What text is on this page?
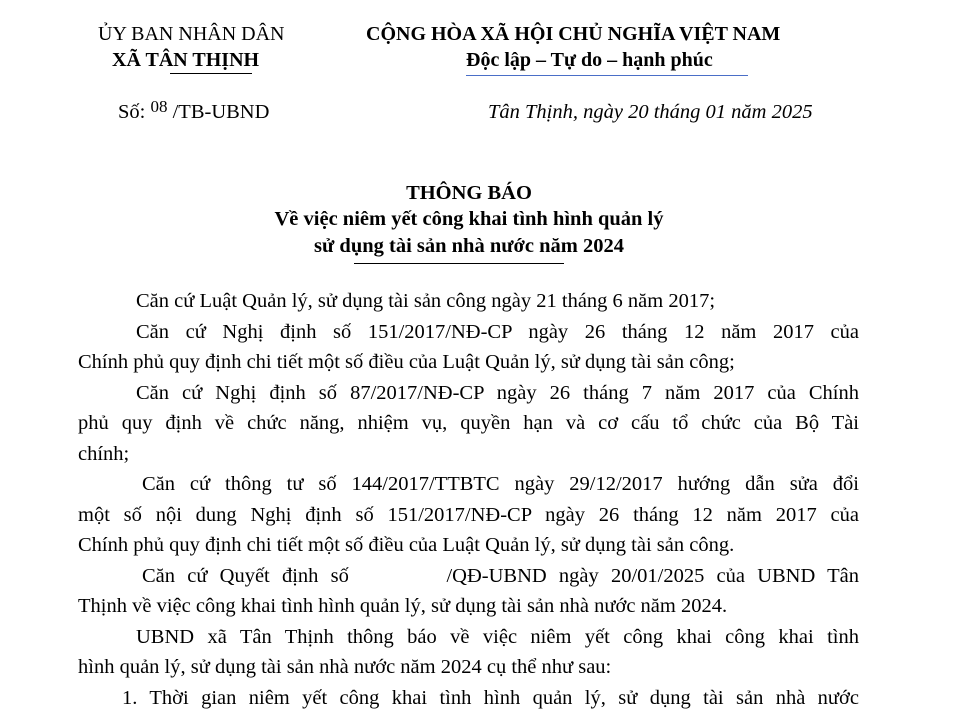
ỦY BAN NHÂN DÂN
XÃ TÂN THỊNH
CỘNG HÒA XÃ HỘI CHỦ NGHĨA VIỆT NAM
Độc lập – Tự do – hạnh phúc
Số: $^{08}$ /TB-UBND	Tân Thịnh, ngày 20 tháng 01 năm 2025
THÔNG BÁO
Về việc niêm yết công khai tình hình quản lý
sử dụng tài sản nhà nước năm 2024
Căn cứ Luật Quản lý, sử dụng tài sản công ngày 21 tháng 6 năm 2017;
Căn cứ Nghị định số 151/2017/NĐ-CP ngày 26 tháng 12 năm 2017 của
Chính phủ quy định chi tiết một số điều của Luật Quản lý, sử dụng tài sản công;
Căn cứ Nghị định số 87/2017/NĐ-CP ngày 26 tháng 7 năm 2017 của Chính
phủ quy định về chức năng, nhiệm vụ, quyền hạn và cơ cấu tổ chức của Bộ Tài
chính;
Căn cứ thông tư số 144/2017/TTBTC ngày 29/12/2017 hướng dẫn sửa đổi
một số nội dung Nghị định số 151/2017/NĐ-CP ngày 26 tháng 12 năm 2017 của
Chính phủ quy định chi tiết một số điều của Luật Quản lý, sử dụng tài sản công.
Căn cứ Quyết định số        /QĐ-UBND ngày 20/01/2025 của UBND Tân
Thịnh về việc công khai tình hình quản lý, sử dụng tài sản nhà nước năm 2024.
UBND xã Tân Thịnh thông báo về việc niêm yết công khai công khai tình
hình quản lý, sử dụng tài sản nhà nước năm 2024 cụ thể như sau:
1. Thời gian niêm yết công khai tình hình quản lý, sử dụng tài sản nhà nước
